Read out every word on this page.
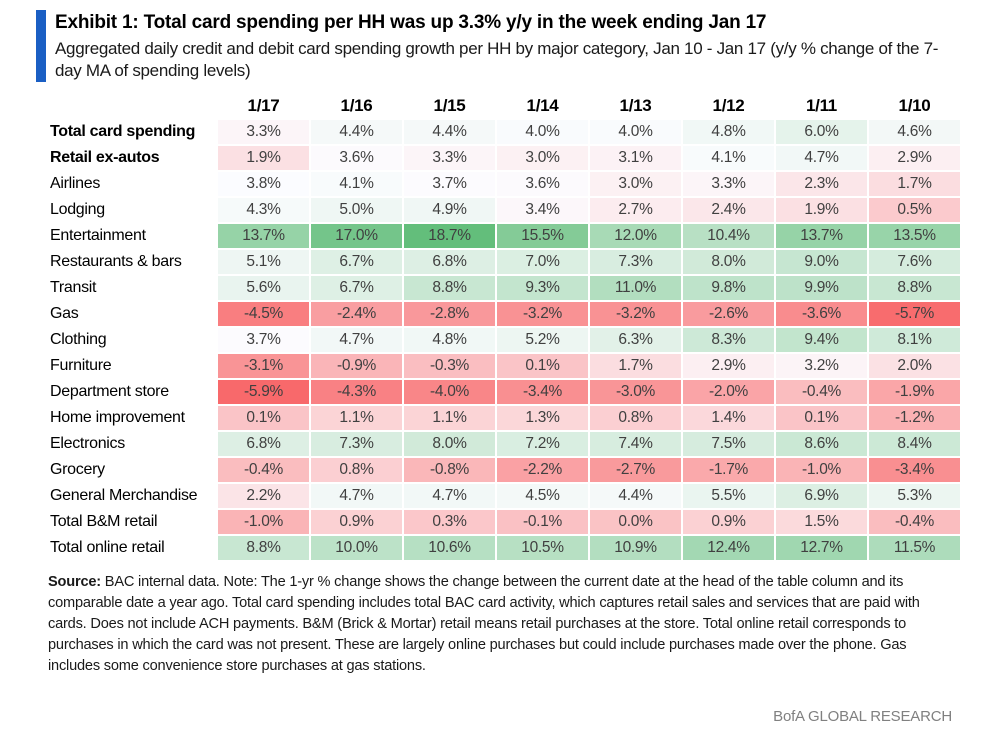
Exhibit 1: Total card spending per HH was up 3.3% y/y in the week ending Jan 17
Aggregated daily credit and debit card spending growth per HH by major category, Jan 10 - Jan 17 (y/y % change of the 7-day MA of spending levels)
	1/17	1/16	1/15	1/14	1/13	1/12	1/11	1/10
Total card spending	3.3%	4.4%	4.4%	4.0%	4.0%	4.8%	6.0%	4.6%
Retail ex-autos	1.9%	3.6%	3.3%	3.0%	3.1%	4.1%	4.7%	2.9%
Airlines	3.8%	4.1%	3.7%	3.6%	3.0%	3.3%	2.3%	1.7%
Lodging	4.3%	5.0%	4.9%	3.4%	2.7%	2.4%	1.9%	0.5%
Entertainment	13.7%	17.0%	18.7%	15.5%	12.0%	10.4%	13.7%	13.5%
Restaurants & bars	5.1%	6.7%	6.8%	7.0%	7.3%	8.0%	9.0%	7.6%
Transit	5.6%	6.7%	8.8%	9.3%	11.0%	9.8%	9.9%	8.8%
Gas	-4.5%	-2.4%	-2.8%	-3.2%	-3.2%	-2.6%	-3.6%	-5.7%
Clothing	3.7%	4.7%	4.8%	5.2%	6.3%	8.3%	9.4%	8.1%
Furniture	-3.1%	-0.9%	-0.3%	0.1%	1.7%	2.9%	3.2%	2.0%
Department store	-5.9%	-4.3%	-4.0%	-3.4%	-3.0%	-2.0%	-0.4%	-1.9%
Home improvement	0.1%	1.1%	1.1%	1.3%	0.8%	1.4%	0.1%	-1.2%
Electronics	6.8%	7.3%	8.0%	7.2%	7.4%	7.5%	8.6%	8.4%
Grocery	-0.4%	0.8%	-0.8%	-2.2%	-2.7%	-1.7%	-1.0%	-3.4%
General Merchandise	2.2%	4.7%	4.7%	4.5%	4.4%	5.5%	6.9%	5.3%
Total B&M retail	-1.0%	0.9%	0.3%	-0.1%	0.0%	0.9%	1.5%	-0.4%
Total online retail	8.8%	10.0%	10.6%	10.5%	10.9%	12.4%	12.7%	11.5%
Source: BAC internal data. Note: The 1-yr % change shows the change between the current date at the head of the table column and its comparable date a year ago. Total card spending includes total BAC card activity, which captures retail sales and services that are paid with cards. Does not include ACH payments. B&M (Brick & Mortar) retail means retail purchases at the store. Total online retail corresponds to purchases in which the card was not present. These are largely online purchases but could include purchases made over the phone. Gas includes some convenience store purchases at gas stations.
BofA GLOBAL RESEARCH
